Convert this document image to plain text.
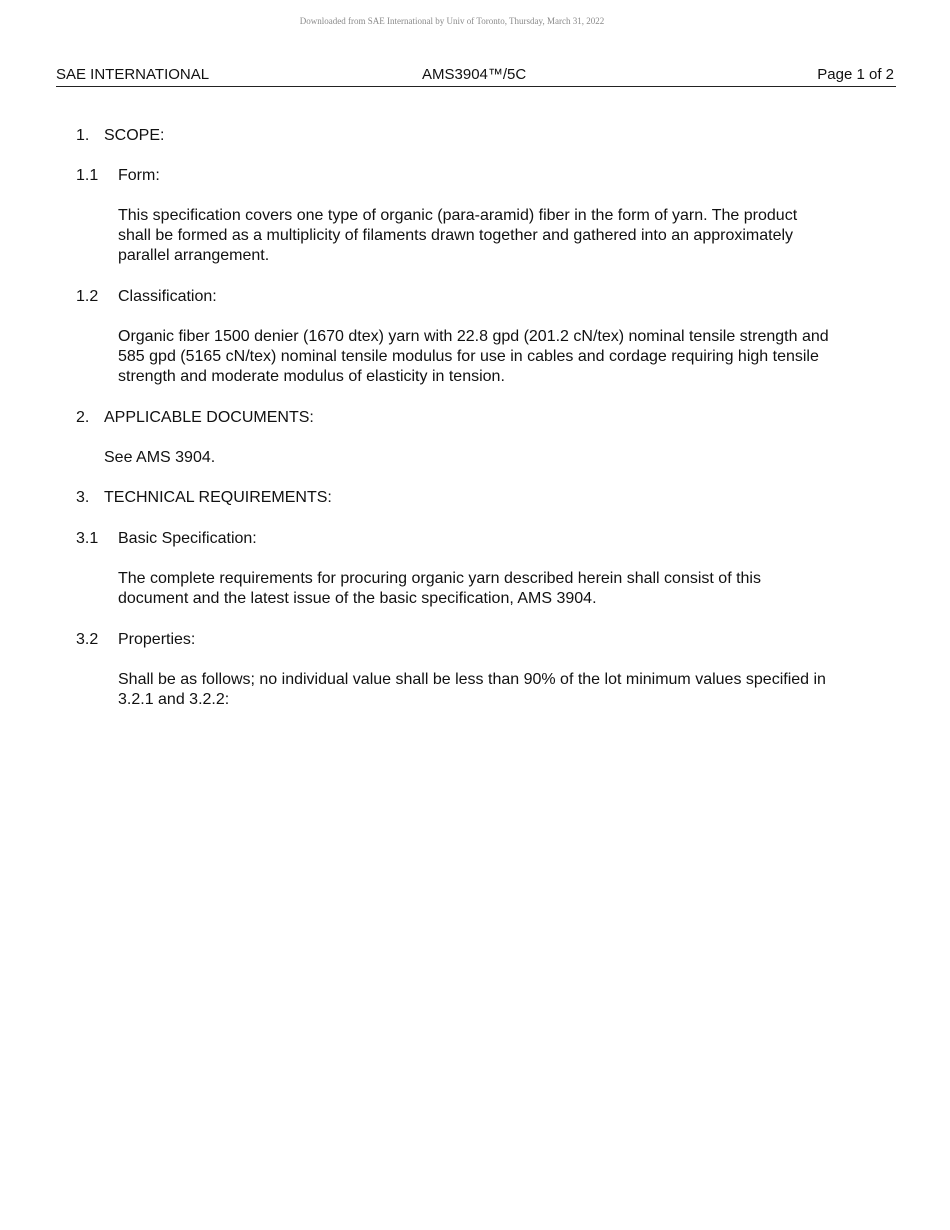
Downloaded from SAE International by Univ of Toronto, Thursday, March 31, 2022
SAE INTERNATIONAL	AMS3904™/5C	Page 1 of 2
1. SCOPE:
1.1 Form:
This specification covers one type of organic (para-aramid) fiber in the form of yarn. The product
shall be formed as a multiplicity of filaments drawn together and gathered into an approximately
parallel arrangement.
1.2 Classification:
Organic fiber 1500 denier (1670 dtex) yarn with 22.8 gpd (201.2 cN/tex) nominal tensile strength and
585 gpd (5165 cN/tex) nominal tensile modulus for use in cables and cordage requiring high tensile
strength and moderate modulus of elasticity in tension.
2. APPLICABLE DOCUMENTS:
See AMS 3904.
3. TECHNICAL REQUIREMENTS:
3.1 Basic Specification:
The complete requirements for procuring organic yarn described herein shall consist of this
document and the latest issue of the basic specification, AMS 3904.
3.2 Properties:
Shall be as follows; no individual value shall be less than 90% of the lot minimum values specified in
3.2.1 and 3.2.2:
